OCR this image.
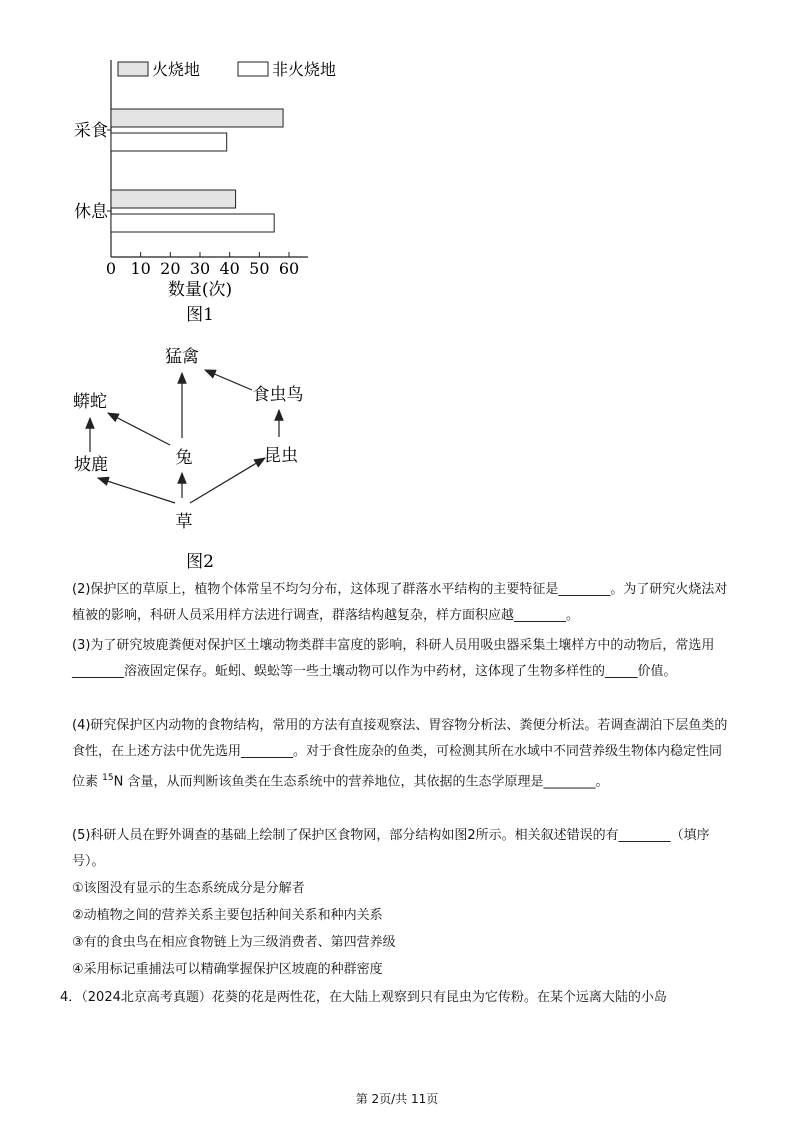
火烧地	非火烧地
采食
休息
0 10 20 30 40 50 60
数量(次)
图1
猛禽
食虫鸟
蟒蛇
兔	昆虫
坡鹿
草
图2

(2)保护区的草原上，植物个体常呈不均匀分布，这体现了群落水平结构的主要特征是________。为了研究火烧法对植被的影响，科研人员采用样方法进行调查，群落结构越复杂，样方面积应越________。

(3)为了研究坡鹿粪便对保护区土壤动物类群丰富度的影响，科研人员用吸虫器采集土壤样方中的动物后，常选用________溶液固定保存。蚯蚓、蜈蚣等一些土壤动物可以作为中药材，这体现了生物多样性的_____价值。

(4)研究保护区内动物的食物结构，常用的方法有直接观察法、胃容物分析法、粪便分析法。若调查湖泊下层鱼类的食性，在上述方法中优先选用________。对于食性庞杂的鱼类，可检测其所在水域中不同营养级生物体内稳定性同位素 $^{15}$N 含量，从而判断该鱼类在生态系统中的营养地位，其依据的生态学原理是________。

(5)科研人员在野外调查的基础上绘制了保护区食物网，部分结构如图2所示。相关叙述错误的有________（填序号）。

①该图没有显示的生态系统成分是分解者

②动植物之间的营养关系主要包括种间关系和种内关系

③有的食虫鸟在相应食物链上为三级消费者、第四营养级

④采用标记重捕法可以精确掌握保护区坡鹿的种群密度

4．（2024北京高考真题）花葵的花是两性花，在大陆上观察到只有昆虫为它传粉。在某个远离大陆的小岛

第 2页/共 11页
